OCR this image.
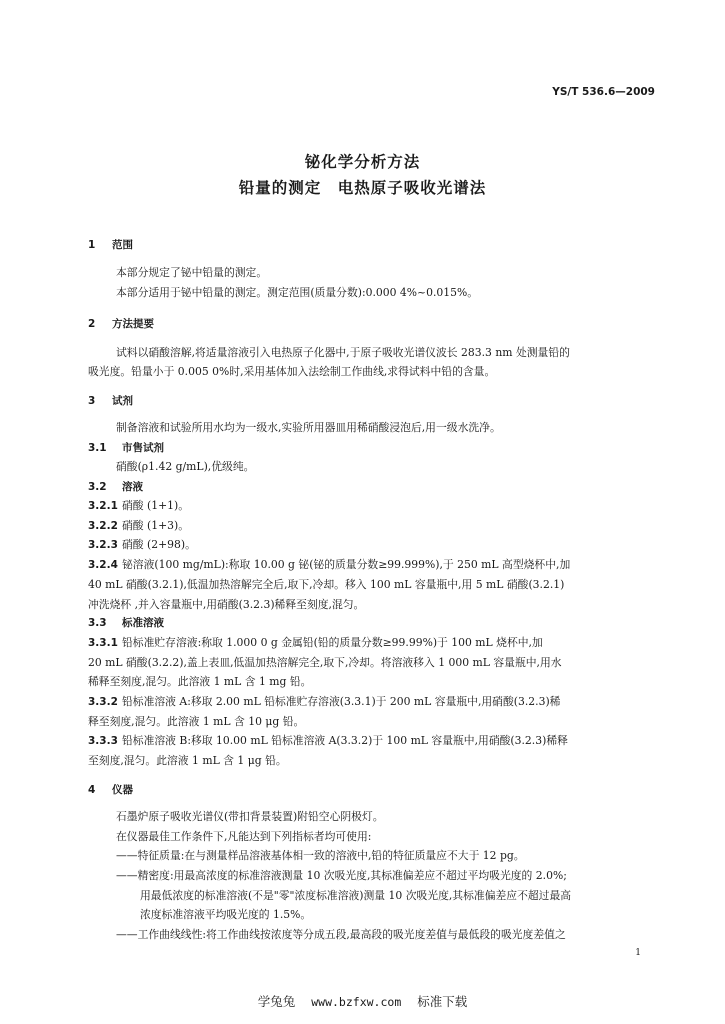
YS/T 536.6—2009
铋化学分析方法
铅量的测定　电热原子吸收光谱法
1 范围
本部分规定了铋中铅量的测定。
本部分适用于铋中铅量的测定。测定范围(质量分数):0.000 4%~0.015%。
2 方法提要
试料以硝酸溶解,将适量溶液引入电热原子化器中,于原子吸收光谱仪波长 283.3 nm 处测量铅的
吸光度。铅量小于 0.005 0%时,采用基体加入法绘制工作曲线,求得试料中铅的含量。
3 试剂
制备溶液和试验所用水均为一级水,实验所用器皿用稀硝酸浸泡后,用一级水洗净。
3.1 市售试剂
硝酸(ρ1.42 g/mL),优级纯。
3.2 溶液
3.2.1 硝酸 (1+1)。
3.2.2 硝酸 (1+3)。
3.2.3 硝酸 (2+98)。
3.2.4 铋溶液(100 mg/mL):称取 10.00 g 铋(铋的质量分数≥99.999%),于 250 mL 高型烧杯中,加
40 mL 硝酸(3.2.1),低温加热溶解完全后,取下,冷却。移入 100 mL 容量瓶中,用 5 mL 硝酸(3.2.1)
冲洗烧杯 ,并入容量瓶中,用硝酸(3.2.3)稀释至刻度,混匀。
3.3 标准溶液
3.3.1 铅标准贮存溶液:称取 1.000 0 g 金属铅(铅的质量分数≥99.99%)于 100 mL 烧杯中,加
20 mL 硝酸(3.2.2),盖上表皿,低温加热溶解完全,取下,冷却。将溶液移入 1 000 mL 容量瓶中,用水
稀释至刻度,混匀。此溶液 1 mL 含 1 mg 铅。
3.3.2 铅标准溶液 A:移取 2.00 mL 铅标准贮存溶液(3.3.1)于 200 mL 容量瓶中,用硝酸(3.2.3)稀
释至刻度,混匀。此溶液 1 mL 含 10 μg 铅。
3.3.3 铅标准溶液 B:移取 10.00 mL 铅标准溶液 A(3.3.2)于 100 mL 容量瓶中,用硝酸(3.2.3)稀释
至刻度,混匀。此溶液 1 mL 含 1 μg 铅。
4 仪器
石墨炉原子吸收光谱仪(带扣背景装置)附铅空心阴极灯。
在仪器最佳工作条件下,凡能达到下列指标者均可使用:
——特征质量:在与测量样品溶液基体相一致的溶液中,铅的特征质量应不大于 12 pg。
——精密度:用最高浓度的标准溶液测量 10 次吸光度,其标准偏差应不超过平均吸光度的 2.0%;
用最低浓度的标准溶液(不是"零"浓度标准溶液)测量 10 次吸光度,其标准偏差应不超过最高
浓度标准溶液平均吸光度的 1.5%。
——工作曲线线性:将工作曲线按浓度等分成五段,最高段的吸光度差值与最低段的吸光度差值之
1
学兔兔 www.bzfxw.com 标准下载
